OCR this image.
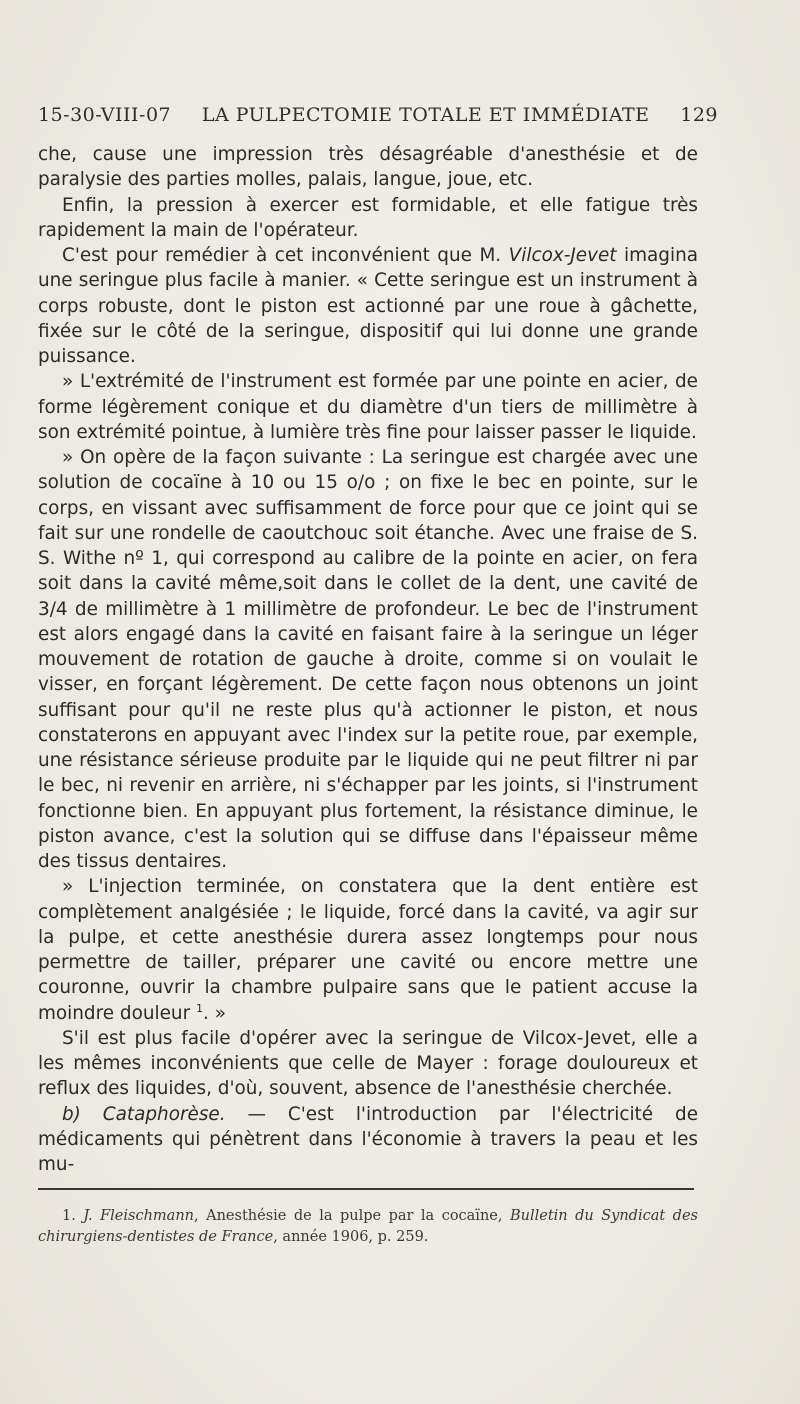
15-30-VIII-07	LA PULPECTOMIE TOTALE ET IMMÉDIATE	129

che, cause une impression très désagréable d'anesthésie et de paralysie des parties molles, palais, langue, joue, etc.

Enfin, la pression à exercer est formidable, et elle fatigue très rapidement la main de l'opérateur.

C'est pour remédier à cet inconvénient que M. Vilcox-Jevet imagina une seringue plus facile à manier. « Cette seringue est un instrument à corps robuste, dont le piston est actionné par une roue à gâchette, fixée sur le côté de la seringue, dispositif qui lui donne une grande puissance.

» L'extrémité de l'instrument est formée par une pointe en acier, de forme légèrement conique et du diamètre d'un tiers de millimètre à son extrémité pointue, à lumière très fine pour laisser passer le liquide.

» On opère de la façon suivante : La seringue est chargée avec une solution de cocaïne à 10 ou 15 o/o ; on fixe le bec en pointe, sur le corps, en vissant avec suffisamment de force pour que ce joint qui se fait sur une rondelle de caoutchouc soit étanche. Avec une fraise de S. S. Withe nº 1, qui correspond au calibre de la pointe en acier, on fera soit dans la cavité même,soit dans le collet de la dent, une cavité de 3/4 de millimètre à 1 millimètre de profondeur. Le bec de l'instrument est alors engagé dans la cavité en faisant faire à la seringue un léger mouvement de rotation de gauche à droite, comme si on voulait le visser, en forçant légèrement. De cette façon nous obtenons un joint suffisant pour qu'il ne reste plus qu'à actionner le piston, et nous constaterons en appuyant avec l'index sur la petite roue, par exemple, une résistance sérieuse produite par le liquide qui ne peut filtrer ni par le bec, ni revenir en arrière, ni s'échapper par les joints, si l'instrument fonctionne bien. En appuyant plus fortement, la résistance diminue, le piston avance, c'est la solution qui se diffuse dans l'épaisseur même des tissus dentaires.

» L'injection terminée, on constatera que la dent entière est complètement analgésiée ; le liquide, forcé dans la cavité, va agir sur la pulpe, et cette anesthésie durera assez longtemps pour nous permettre de tailler, préparer une cavité ou encore mettre une couronne, ouvrir la chambre pulpaire sans que le patient accuse la moindre douleur $^1$. »

S'il est plus facile d'opérer avec la seringue de Vilcox-Jevet, elle a les mêmes inconvénients que celle de Mayer : forage douloureux et reflux des liquides, d'où, souvent, absence de l'anesthésie cherchée.

b) Cataphorèse. — C'est l'introduction par l'électricité de médicaments qui pénètrent dans l'économie à travers la peau et les mu-

1. J. Fleischmann, Anesthésie de la pulpe par la cocaïne, Bulletin du Syndicat des chirurgiens-dentistes de France, année 1906, p. 259.
